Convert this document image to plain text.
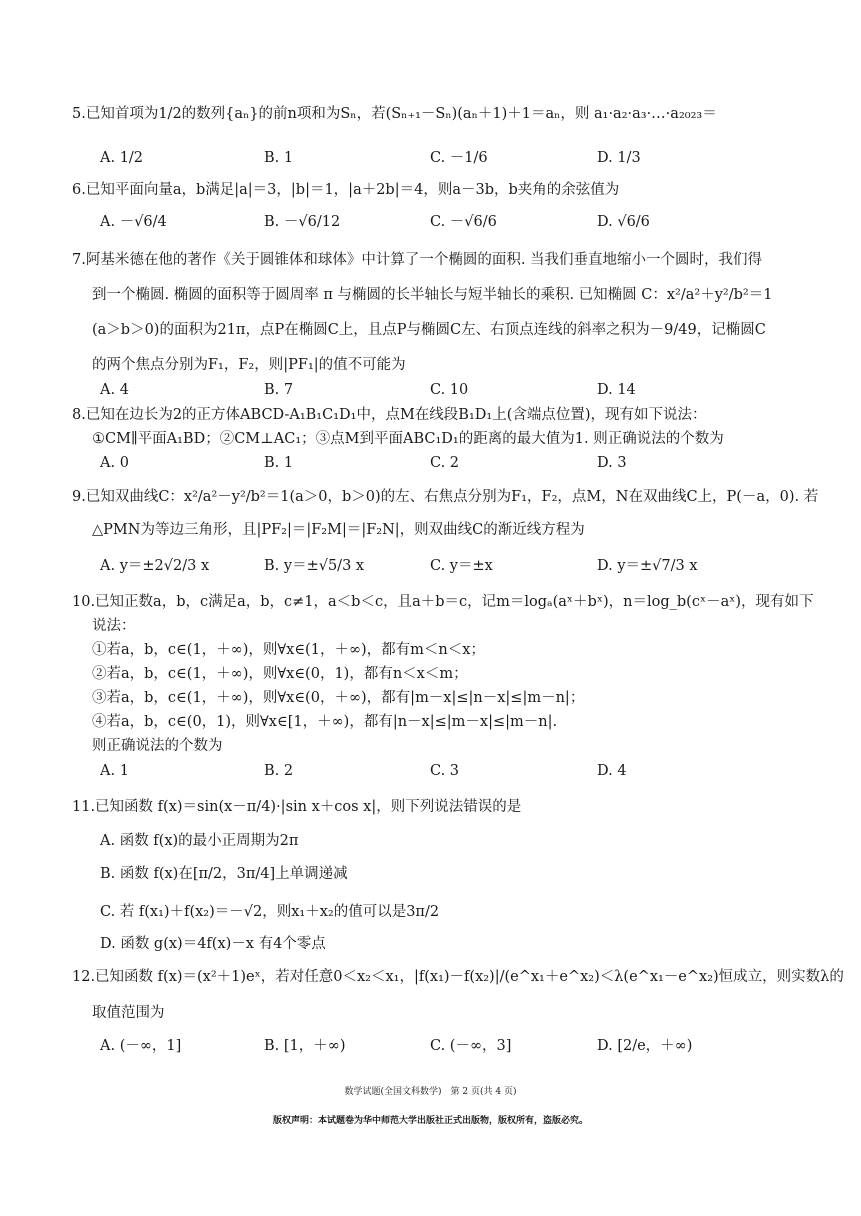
5.已知首项为1/2的数列{aₙ}的前n项和为Sₙ，若(Sₙ₊₁－Sₙ)(aₙ＋1)＋1＝aₙ，则 a₁·a₂·a₃·…·a₂₀₂₃＝
A. 1/2	B. 1	C. －1/6	D. 1/3
6.已知平面向量a，b满足|a|＝3，|b|＝1，|a＋2b|＝4，则a－3b，b夹角的余弦值为
A. －√6/4	B. －√6/12	C. －√6/6	D. √6/6
7.阿基米德在他的著作《关于圆锥体和球体》中计算了一个椭圆的面积. 当我们垂直地缩小一个圆时，我们得
到一个椭圆. 椭圆的面积等于圆周率 π 与椭圆的长半轴长与短半轴长的乘积. 已知椭圆 C：x²/a²＋y²/b²＝1
(a＞b＞0)的面积为21π，点P在椭圆C上，且点P与椭圆C左、右顶点连线的斜率之积为－9/49，记椭圆C
的两个焦点分别为F₁，F₂，则|PF₁|的值不可能为
A. 4	B. 7	C. 10	D. 14
8.已知在边长为2的正方体ABCD-A₁B₁C₁D₁中，点M在线段B₁D₁上(含端点位置)，现有如下说法：
①CM∥平面A₁BD；②CM⊥AC₁；③点M到平面ABC₁D₁的距离的最大值为1. 则正确说法的个数为
A. 0	B. 1	C. 2	D. 3
9.已知双曲线C：x²/a²－y²/b²＝1(a＞0，b＞0)的左、右焦点分别为F₁，F₂，点M，N在双曲线C上，P(－a，0). 若
△PMN为等边三角形，且|PF₂|＝|F₂M|＝|F₂N|，则双曲线C的渐近线方程为
A. y＝±2√2/3 x	B. y＝±√5/3 x	C. y＝±x	D. y＝±√7/3 x
10.已知正数a，b，c满足a，b，c≠1，a＜b＜c，且a＋b＝c，记m＝logₐ(aˣ＋bˣ)，n＝log_b(cˣ－aˣ)，现有如下
说法：
①若a，b，c∈(1，＋∞)，则∀x∈(1，＋∞)，都有m＜n＜x；
②若a，b，c∈(1，＋∞)，则∀x∈(0，1)，都有n＜x＜m；
③若a，b，c∈(1，＋∞)，则∀x∈(0，＋∞)，都有|m－x|≤|n－x|≤|m－n|；
④若a，b，c∈(0，1)，则∀x∈[1，＋∞)，都有|n－x|≤|m－x|≤|m－n|.
则正确说法的个数为
A. 1	B. 2	C. 3	D. 4
11.已知函数 f(x)＝sin(x－π/4)·|sin x＋cos x|，则下列说法错误的是
A. 函数 f(x)的最小正周期为2π
B. 函数 f(x)在[π/2，3π/4]上单调递减
C. 若 f(x₁)＋f(x₂)＝－√2，则x₁＋x₂的值可以是3π/2
D. 函数 g(x)＝4f(x)－x 有4个零点
12.已知函数 f(x)＝(x²＋1)eˣ，若对任意0＜x₂＜x₁，|f(x₁)－f(x₂)|/(e^x₁＋e^x₂)＜λ(e^x₁－e^x₂)恒成立，则实数λ的
取值范围为
A. (－∞，1]	B. [1，＋∞)	C. (－∞，3]	D. [2/e，＋∞)
数学试题(全国文科数学)　第 2 页(共 4 页)
版权声明：本试题卷为华中师范大学出版社正式出版物，版权所有，盗版必究。
